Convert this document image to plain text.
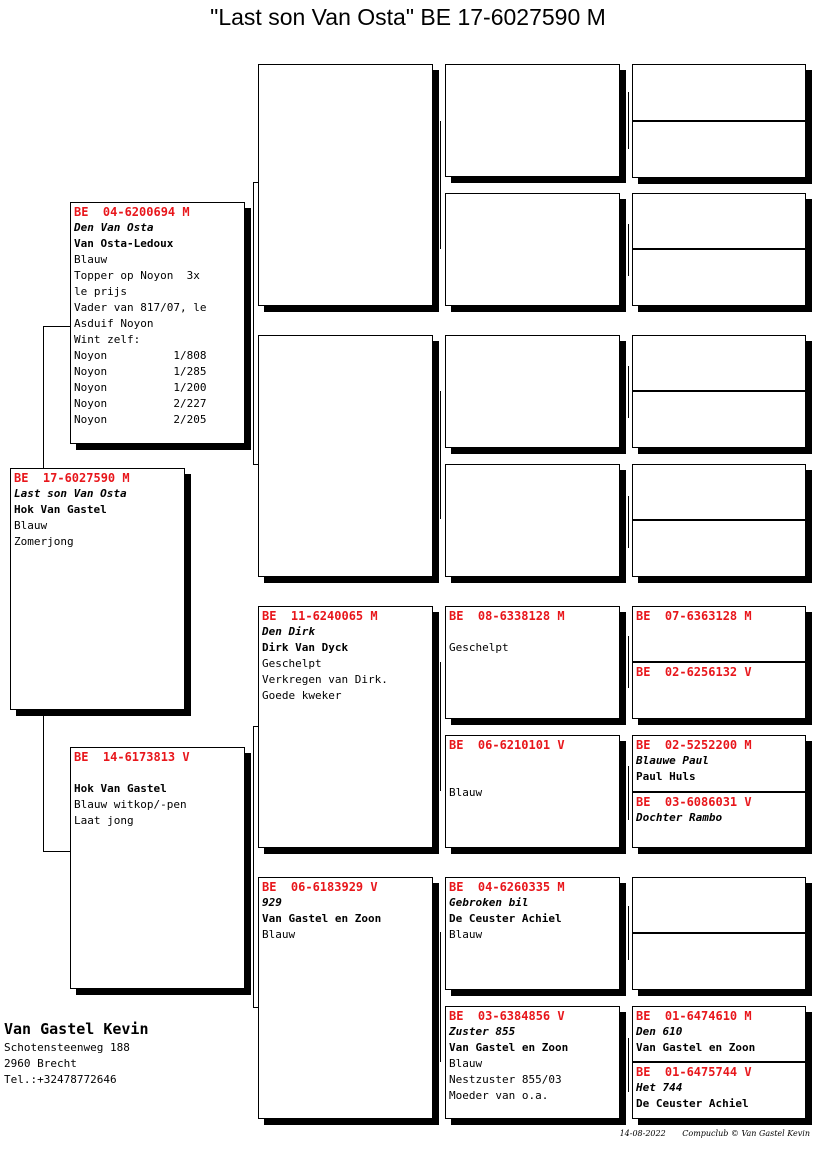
"Last son Van Osta" BE 17-6027590 M
BE  17-6027590 M
Last son Van Osta
Hok Van Gastel
Blauw
Zomerjong
BE  04-6200694 M
Den Van Osta
Van Osta-Ledoux
Blauw
Topper op Noyon  3x
le prijs
Vader van 817/07, le
Asduif Noyon
Wint zelf:
Noyon          1/808
Noyon          1/285
Noyon          1/200
Noyon          2/227
Noyon          2/205
BE  14-6173813 V
Hok Van Gastel
Blauw witkop/-pen
Laat jong
BE  11-6240065 M
Den Dirk
Dirk Van Dyck
Geschelpt
Verkregen van Dirk.
Goede kweker
BE  06-6183929 V
929
Van Gastel en Zoon
Blauw
BE  08-6338128 M
Geschelpt
BE  06-6210101 V
Blauw
BE  04-6260335 M
Gebroken bil
De Ceuster Achiel
Blauw
BE  03-6384856 V
Zuster 855
Van Gastel en Zoon
Blauw
Nestzuster 855/03
Moeder van o.a.
BE  07-6363128 M
BE  02-6256132 V
BE  02-5252200 M
Blauwe Paul
Paul Huls
BE  03-6086031 V
Dochter Rambo
BE  01-6474610 M
Den 610
Van Gastel en Zoon
BE  01-6475744 V
Het 744
De Ceuster Achiel
Van Gastel Kevin
Schotensteenweg 188
2960 Brecht
Tel.:+32478772646
14-08-2022 Compuclub © Van Gastel Kevin
